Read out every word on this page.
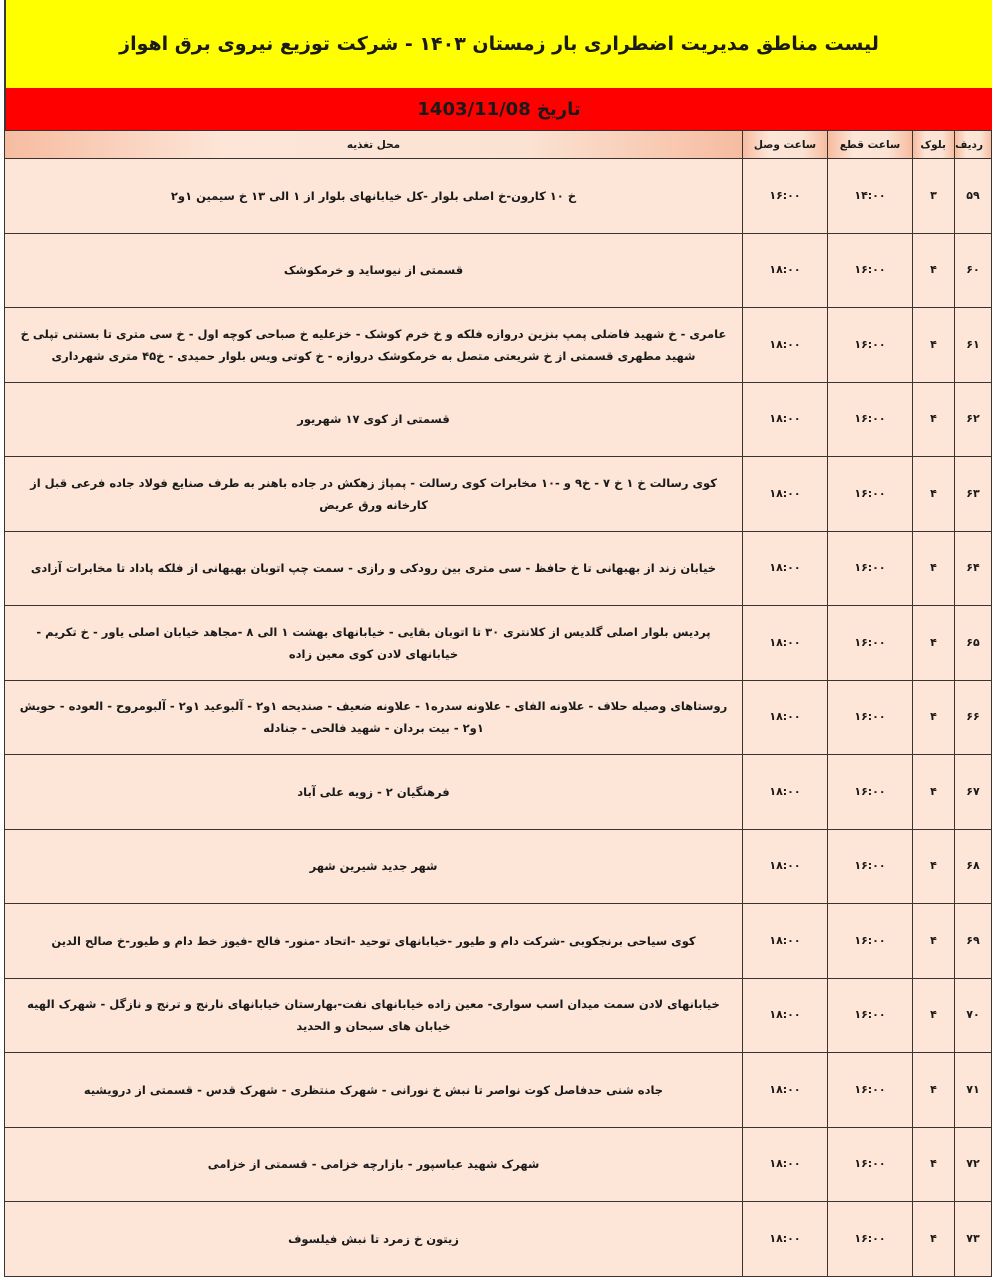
لیست مناطق مدیریت اضطراری بار زمستان ۱۴۰۳ - شرکت توزیع نیروی برق اهواز
تاریخ 1403/11/08
ردیف	بلوک	ساعت قطع	ساعت وصل	محل تغذیه
۵۹	۳	۱۴:۰۰	۱۶:۰۰	خ ۱۰ کارون-خ اصلی بلوار -کل خیابانهای بلوار از ۱ الی ۱۳ خ سیمین ۱و۲
۶۰	۴	۱۶:۰۰	۱۸:۰۰	قسمتی از نیوساید و خرمکوشک
۶۱	۴	۱۶:۰۰	۱۸:۰۰	عامری - خ شهید فاضلی پمپ بنزین دروازه فلکه و خ خرم کوشک - خزعلیه خ صباحی کوچه اول - خ سی متری تا بستنی تپلی خ شهید مطهری قسمتی از خ شریعتی متصل به خرمکوشک دروازه - خ کوتی ویس بلوار حمیدی - خ۴۵ متری شهرداری
۶۲	۴	۱۶:۰۰	۱۸:۰۰	قسمتی از کوی ۱۷ شهریور
۶۳	۴	۱۶:۰۰	۱۸:۰۰	کوی رسالت خ ۱ خ ۷ - خ۹ و -۱۰ مخابرات کوی رسالت - پمپاژ زهکش در جاده باهنر به طرف صنایع فولاد جاده فرعی قبل از کارخانه ورق عریض
۶۴	۴	۱۶:۰۰	۱۸:۰۰	خیابان زند از بهبهانی تا خ حافظ - سی متری بین رودکی و رازی - سمت چپ اتوبان بهبهانی از فلکه پاداد تا مخابرات آزادی
۶۵	۴	۱۶:۰۰	۱۸:۰۰	پردیس بلوار اصلی گلدیس از کلانتری ۳۰ تا اتوبان بقایی - خیابانهای بهشت ۱ الی ۸ -مجاهد خیابان اصلی یاور - خ تکریم - خیابانهای لادن کوی معین زاده
۶۶	۴	۱۶:۰۰	۱۸:۰۰	روستاهای وصیله حلاف - علاونه الفای - علاونه سدره۱ - علاونه ضعیف - صندیحه ۱و۲ - آلبوعید ۱و۲ - آلبومروح - العوده - حویش ۱و۲ - بیت بردان - شهید فالحی - جنادله
۶۷	۴	۱۶:۰۰	۱۸:۰۰	فرهنگیان ۲ - زویه علی آباد
۶۸	۴	۱۶:۰۰	۱۸:۰۰	شهر جدید شیرین شهر
۶۹	۴	۱۶:۰۰	۱۸:۰۰	کوی سیاحی برنجکوبی -شرکت دام و طیور -خیابانهای توحید -اتحاد -منور- فالح -فیوز خط دام و طیور-خ صالح الدین
۷۰	۴	۱۶:۰۰	۱۸:۰۰	خیابانهای لادن سمت میدان اسب سواری- معین زاده خیابانهای نفت-بهارستان خیابانهای نارنج و ترنج و نازگل - شهرک الهیه خیابان های سبحان و الحدید
۷۱	۴	۱۶:۰۰	۱۸:۰۰	جاده شنی حدفاصل کوت نواصر تا نبش خ نورانی - شهرک منتظری - شهرک قدس - قسمتی از درویشیه
۷۲	۴	۱۶:۰۰	۱۸:۰۰	شهرک شهید عباسپور - بازارچه خزامی - قسمتی از خزامی
۷۳	۴	۱۶:۰۰	۱۸:۰۰	زیتون خ زمرد تا نبش فیلسوف
